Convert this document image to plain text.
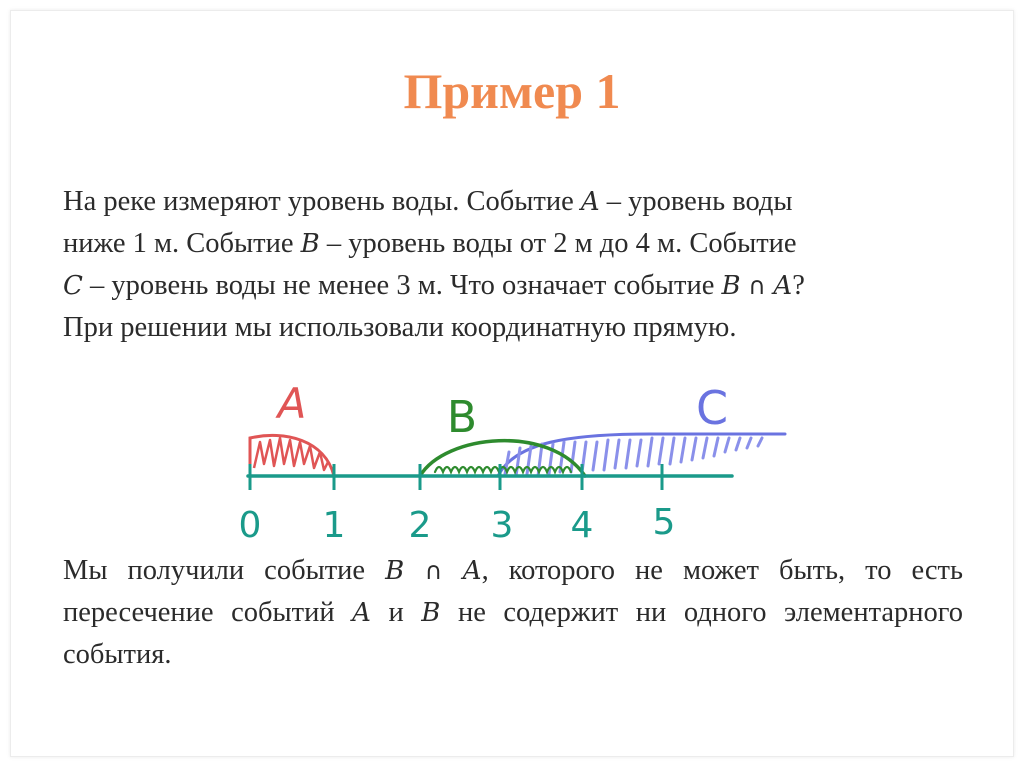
Пример 1
На реке измеряют уровень воды. Событие A – уровень воды
ниже 1 м. Событие B – уровень воды от 2 м до 4 м. Событие
C – уровень воды не менее 3 м. Что означает событие B ∩ A?
При решении мы использовали координатную прямую.
0 1 2 3 4 5
A	B	C
Мы получили событие B ∩ A, которого не может быть, то есть пересечение событий A и B не содержит ни одного элементарного события.
